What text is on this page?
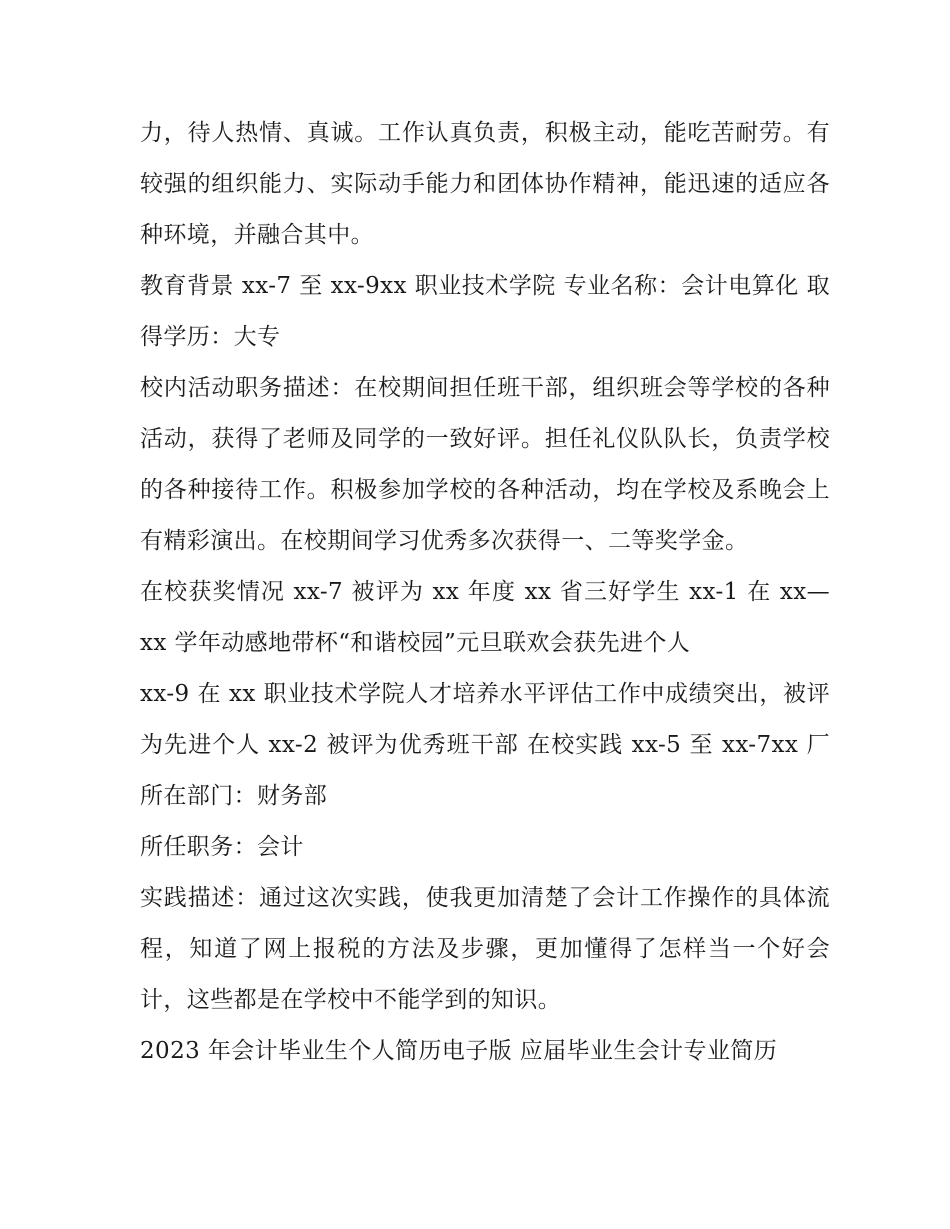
力，待人热情、真诚。工作认真负责，积极主动，能吃苦耐劳。有较强的组织能力、实际动手能力和团体协作精神，能迅速的适应各种环境，并融合其中。

教育背景 xx-7 至 xx-9xx 职业技术学院 专业名称：会计电算化 取得学历：大专

校内活动职务描述：在校期间担任班干部，组织班会等学校的各种活动，获得了老师及同学的一致好评。担任礼仪队队长，负责学校的各种接待工作。积极参加学校的各种活动，均在学校及系晚会上有精彩演出。在校期间学习优秀多次获得一、二等奖学金。

在校获奖情况 xx-7 被评为 xx 年度 xx 省三好学生 xx-1 在 xx—xx 学年动感地带杯“和谐校园”元旦联欢会获先进个人

xx-9 在 xx 职业技术学院人才培养水平评估工作中成绩突出，被评为先进个人 xx-2 被评为优秀班干部 在校实践 xx-5 至 xx-7xx 厂 所在部门：财务部

所任职务：会计

实践描述：通过这次实践，使我更加清楚了会计工作操作的具体流程，知道了网上报税的方法及步骤，更加懂得了怎样当一个好会计，这些都是在学校中不能学到的知识。

2023 年会计毕业生个人简历电子版 应届毕业生会计专业简历
